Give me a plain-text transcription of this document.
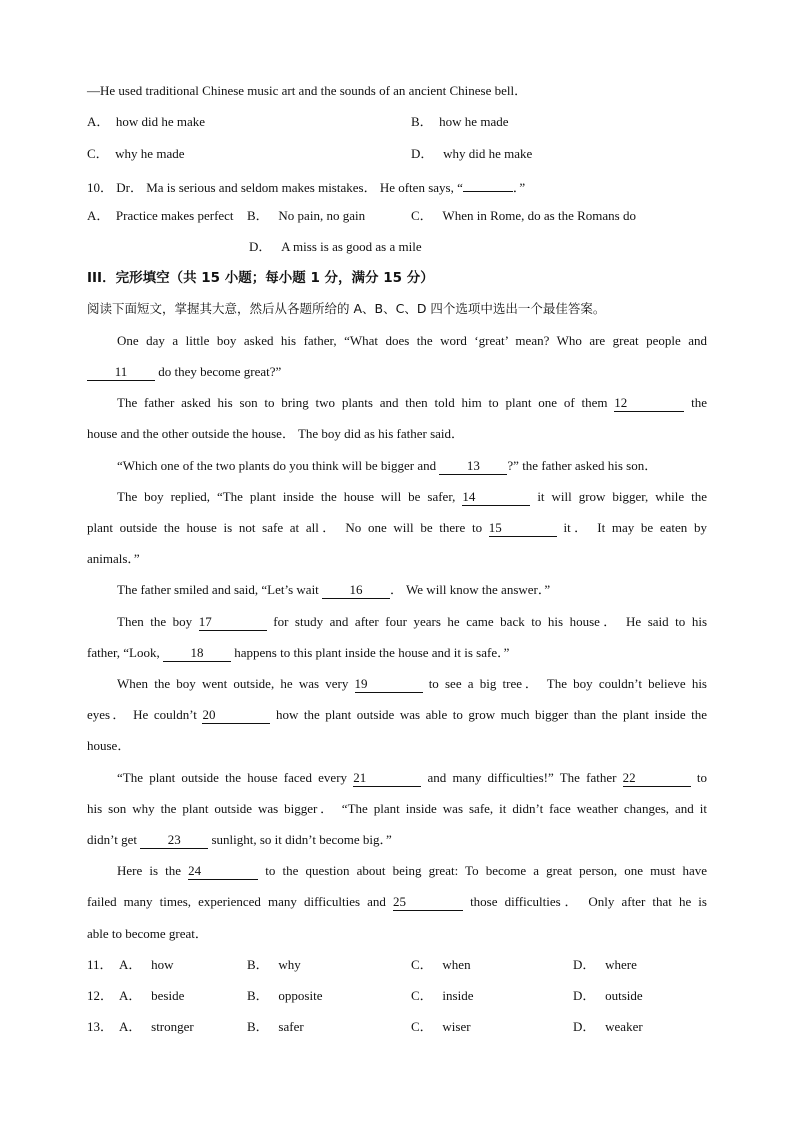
—He used traditional Chinese music art and the sounds of an ancient Chinese bell．
A． how did he make	B． how he made
C． why he made	D． why did he make
10． Dr． Ma is serious and seldom makes mistakes． He often says, “	．”
A． Practice makes perfect B． No pain, no gain	C． When in Rome, do as the Romans do
D． A miss is as good as a mile
III．完形填空（共 15 小题；每小题 1 分，满分 15 分）
阅读下面短文，掌握其大意，然后从各题所给的 A、B、C、D 四个选项中选出一个最佳答案。
One day a little boy asked his father, “What does the word ‘great’ mean? Who are great people and
11 do they become great?”
The father asked his son to bring two plants and then told him to plant one of them 12	the
house and the other outside the house． The boy did as his father said．
“Which one of the two plants do you think will be bigger and 13 ?” the father asked his son．
The boy replied, “The plant inside the house will be safer, 14	it will grow bigger, while the
plant outside the house is not safe at all． No one will be there to 15	it． It may be eaten by
animals．”
The father smiled and said, “Let’s wait 16 ． We will know the answer．”
Then the boy 17	for study and after four years he came back to his house． He said to his
father, “Look, 18 happens to this plant inside the house and it is safe．”
When the boy went outside, he was very 19	to see a big tree． The boy couldn’t believe his
eyes． He couldn’t 20	how the plant outside was able to grow much bigger than the plant inside the
house．
“The plant outside the house faced every 21	and many difficulties!” The father 22	to
his son why the plant outside was bigger． “The plant inside was safe, it didn’t face weather changes, and it
didn’t get 23 sunlight, so it didn’t become big．”
Here is the 24	to the question about being great: To become a great person, one must have
failed many times, experienced many difficulties and 25	those difficulties． Only after that he is
able to become great．
11． A． how	B． why	C． when	D． where
12． A． beside	B． opposite	C． inside	D． outside
13． A． stronger	B． safer	C． wiser	D． weaker
